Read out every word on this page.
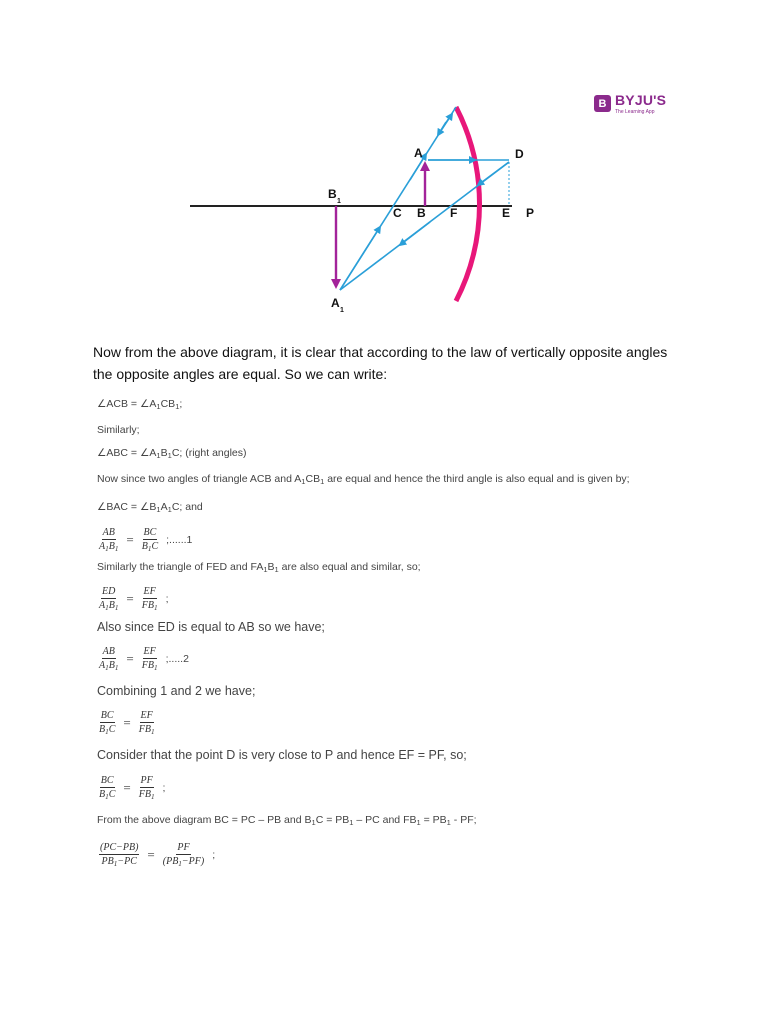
B BYJU'S
The Learning App
A
B
B
1
A
1
C	F
D
E P
Now from the above diagram, it is clear that according to the law of vertically opposite angles the opposite angles are equal. So we can write:
∠ACB = $\angle A_1CB_1$;
Similarly;
∠ABC = $\angle A_1B_1C$; (right angles)
Now since two angles of triangle ACB and $A_1CB_1$ are equal and hence the third angle is also equal and is given by;
∠BAC = $\angle B_1A_1C$; and
$\frac{AB}{A_1B_1} = \frac{BC}{B_1C}$ ;......1
Similarly the triangle of FED and $FA_1B_1$ are also equal and similar, so;
$\frac{ED}{A_1B_1} = \frac{EF}{FB_1}$ ;
Also since ED is equal to AB so we have;
$\frac{AB}{A_1B_1} = \frac{EF}{FB_1}$ ;.....2
Combining 1 and 2 we have;
$\frac{BC}{B_1C} = \frac{EF}{FB_1}$
Consider that the point D is very close to P and hence EF = PF, so;
$\frac{BC}{B_1C} = \frac{PF}{FB_1}$ ;
From the above diagram BC = PC – PB and $B_1C = PB_1$ – PC and $FB_1 = PB_1$ - PF;
$\frac{(PC-PB)}{PB_1-PC} = \frac{PF}{(PB_1-PF)}$ ;
